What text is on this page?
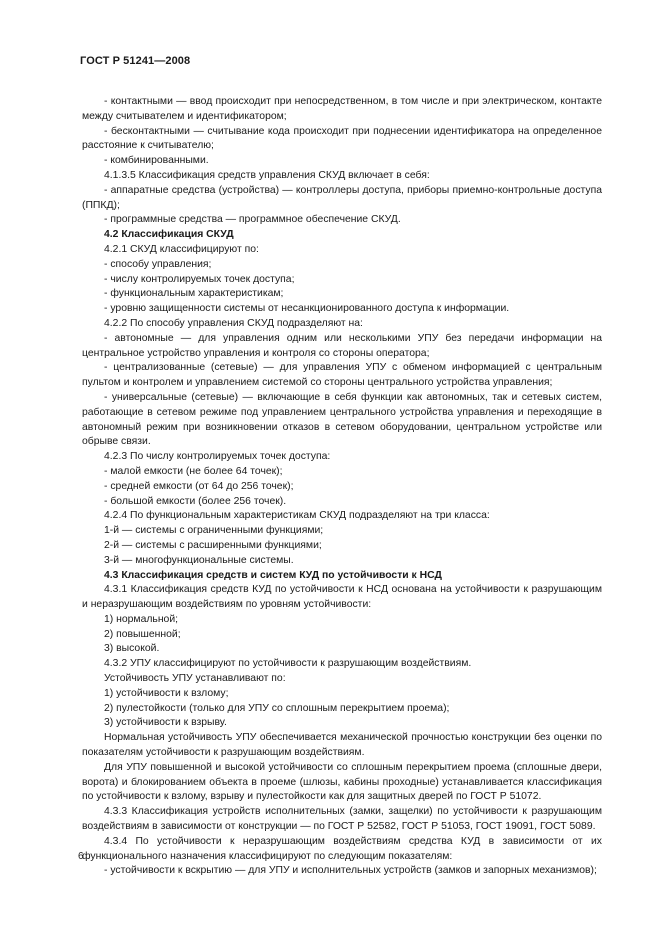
ГОСТ Р 51241—2008

- контактными — ввод происходит при непосредственном, в том числе и при электрическом, контакте между считывателем и идентификатором;

- бесконтактными — считывание кода происходит при поднесении идентификатора на определенное расстояние к считывателю;

- комбинированными.

4.1.3.5 Классификация средств управления СКУД включает в себя:

- аппаратные средства (устройства) — контроллеры доступа, приборы приемно-контрольные доступа (ППКД);

- программные средства — программное обеспечение СКУД.

4.2 Классификация СКУД

4.2.1 СКУД классифицируют по:

- способу управления;

- числу контролируемых точек доступа;

- функциональным характеристикам;

- уровню защищенности системы от несанкционированного доступа к информации.

4.2.2 По способу управления СКУД подразделяют на:

- автономные — для управления одним или несколькими УПУ без передачи информации на центральное устройство управления и контроля со стороны оператора;

- централизованные (сетевые) — для управления УПУ с обменом информацией с центральным пультом и контролем и управлением системой со стороны центрального устройства управления;

- универсальные (сетевые) — включающие в себя функции как автономных, так и сетевых систем, работающие в сетевом режиме под управлением центрального устройства управления и переходящие в автономный режим при возникновении отказов в сетевом оборудовании, центральном устройстве или обрыве связи.

4.2.3 По числу контролируемых точек доступа:

- малой емкости (не более 64 точек);

- средней емкости (от 64 до 256 точек);

- большой емкости (более 256 точек).

4.2.4 По функциональным характеристикам СКУД подразделяют на три класса:

1-й — системы с ограниченными функциями;

2-й — системы с расширенными функциями;

3-й — многофункциональные системы.

4.3 Классификация средств и систем КУД по устойчивости к НСД

4.3.1 Классификация средств КУД по устойчивости к НСД основана на устойчивости к разрушающим и неразрушающим воздействиям по уровням устойчивости:

1) нормальной;

2) повышенной;

3) высокой.

4.3.2 УПУ классифицируют по устойчивости к разрушающим воздействиям.

Устойчивость УПУ устанавливают по:

1) устойчивости к взлому;

2) пулестойкости (только для УПУ со сплошным перекрытием проема);

3) устойчивости к взрыву.

Нормальная устойчивость УПУ обеспечивается механической прочностью конструкции без оценки по показателям устойчивости к разрушающим воздействиям.

Для УПУ повышенной и высокой устойчивости со сплошным перекрытием проема (сплошные двери, ворота) и блокированием объекта в проеме (шлюзы, кабины проходные) устанавливается классификация по устойчивости к взлому, взрыву и пулестойкости как для защитных дверей по ГОСТ Р 51072.

4.3.3 Классификация устройств исполнительных (замки, защелки) по устойчивости к разрушающим воздействиям в зависимости от конструкции — по ГОСТ Р 52582, ГОСТ Р 51053, ГОСТ 19091, ГОСТ 5089.

4.3.4 По устойчивости к неразрушающим воздействиям средства КУД в зависимости от их функционального назначения классифицируют по следующим показателям:

- устойчивости к вскрытию — для УПУ и исполнительных устройств (замков и запорных механизмов);

6
